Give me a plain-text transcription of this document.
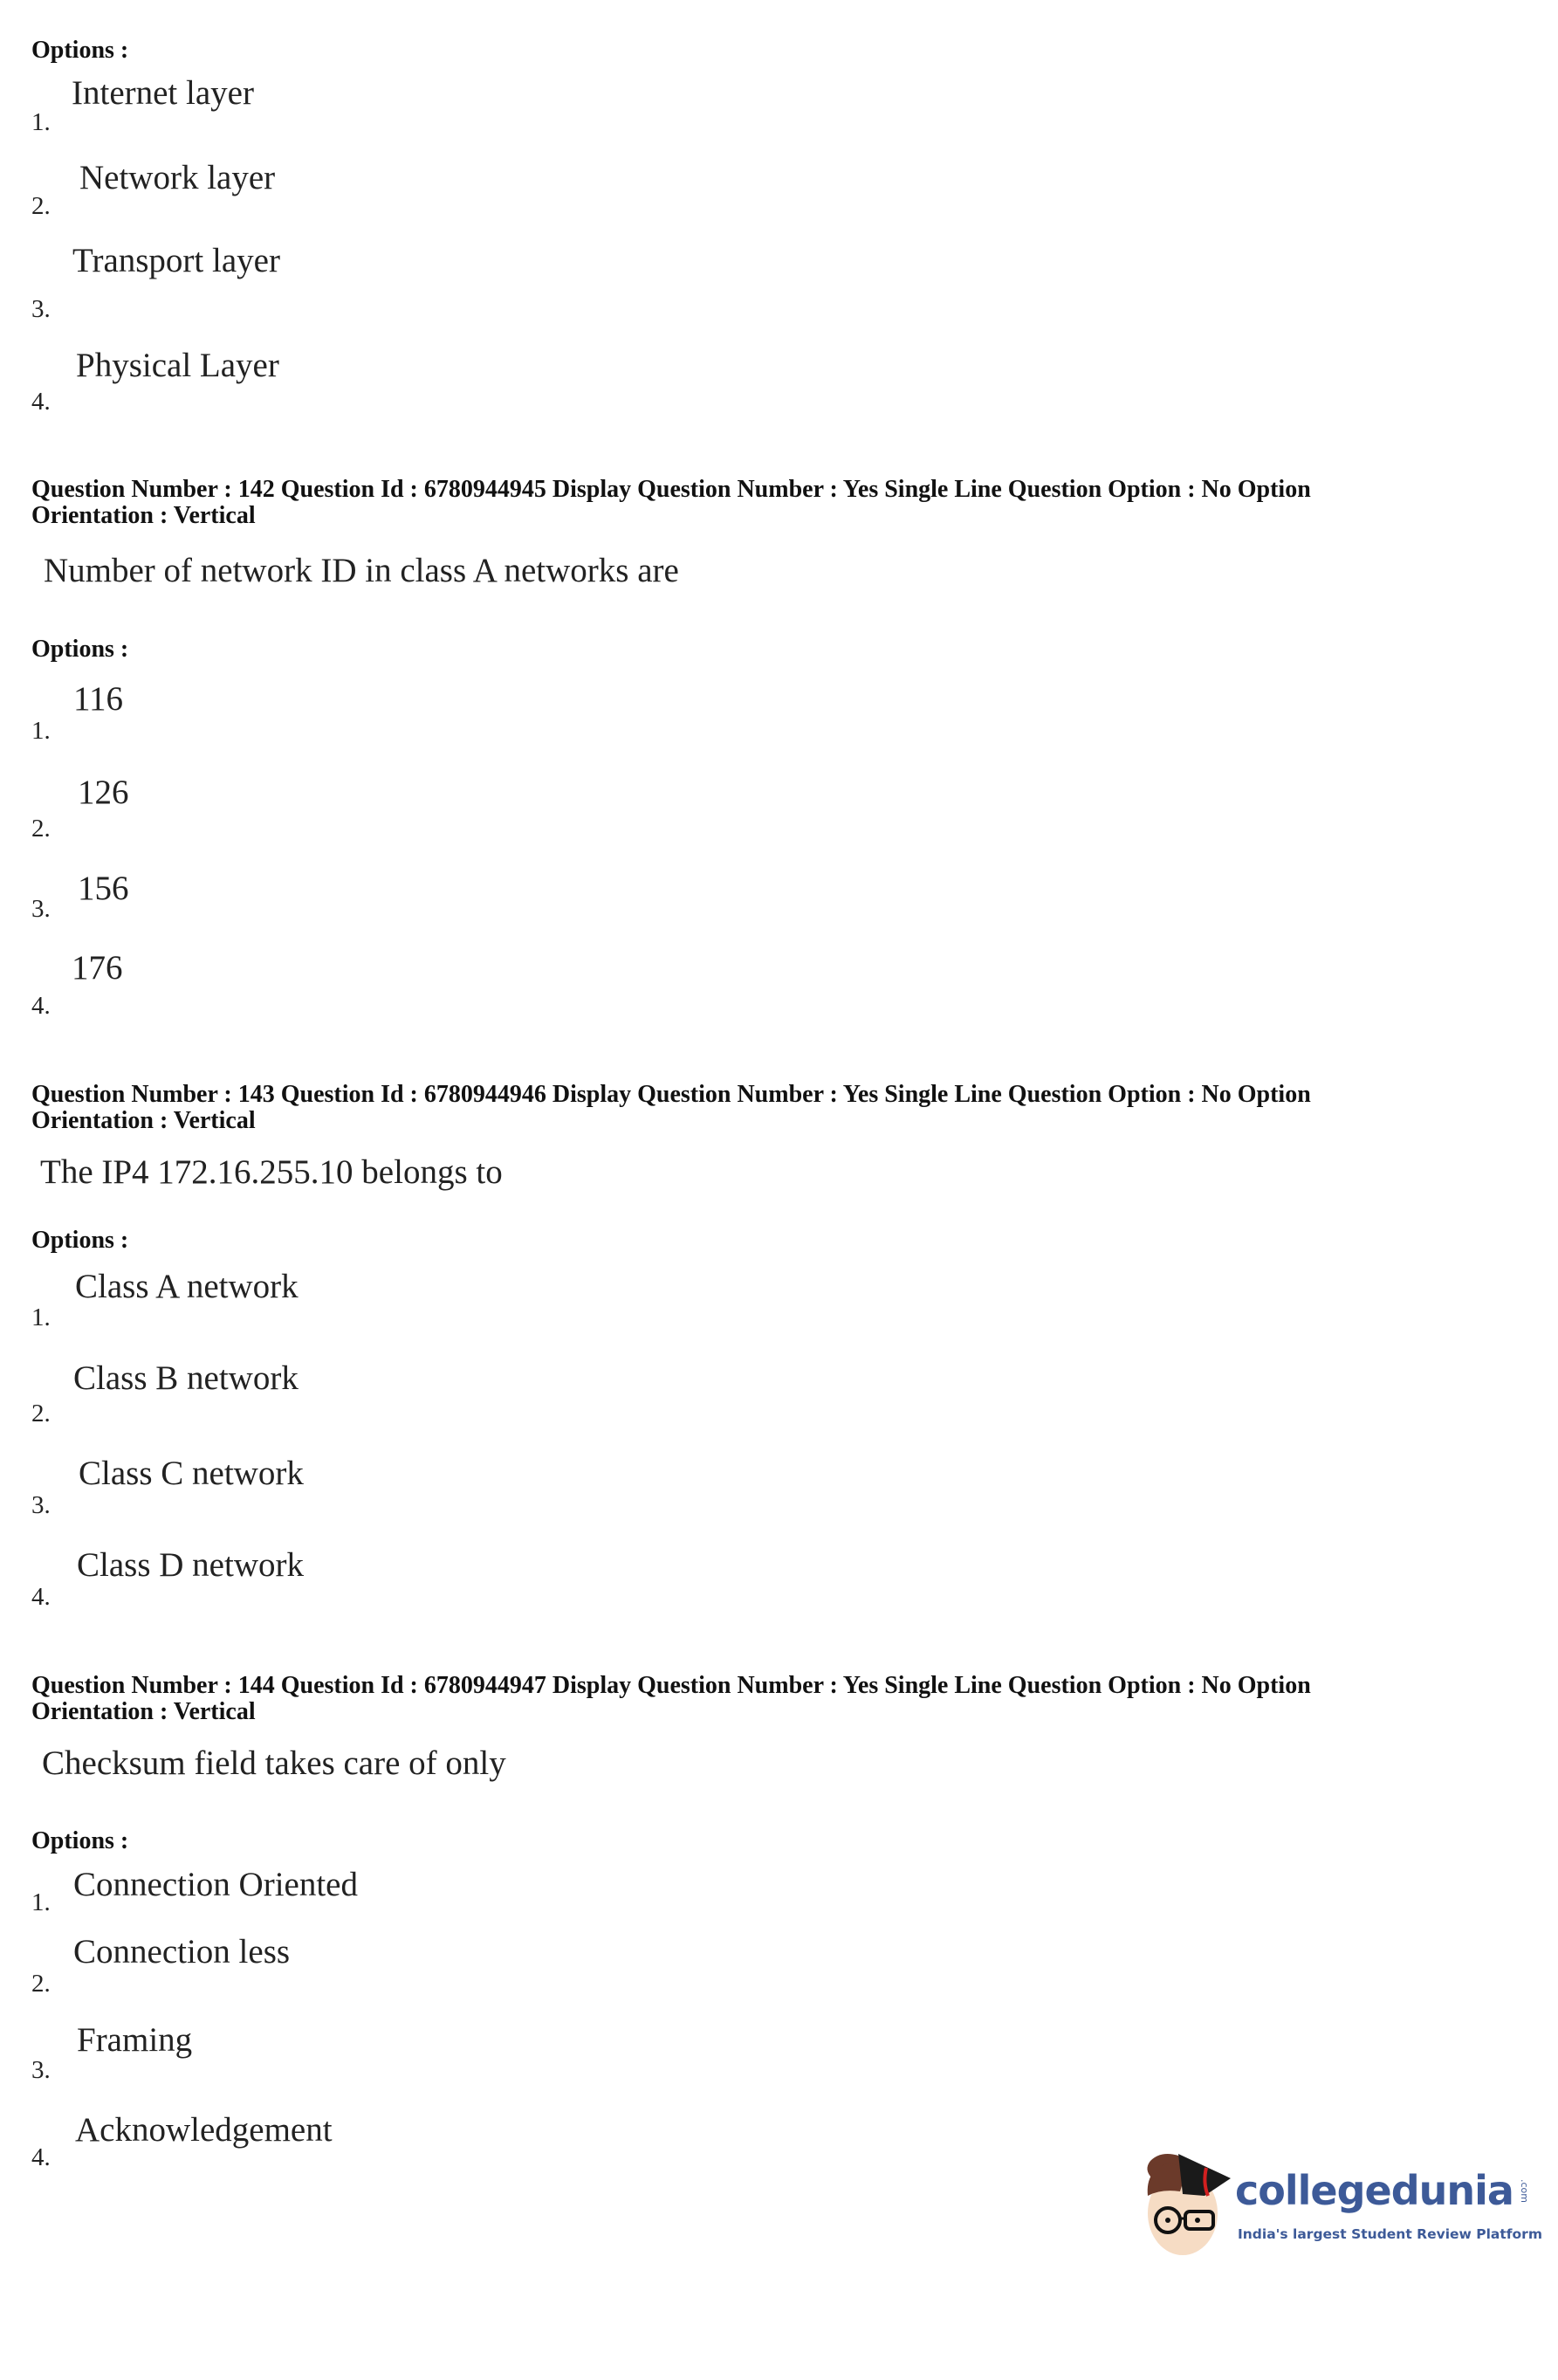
Options :
1.
Internet layer
2.
Network layer
3.
Transport layer
4.
Physical Layer
Question Number : 142 Question Id : 6780944945 Display Question Number : Yes Single Line Question Option : No Option
Orientation : Vertical
Number of network ID in class A networks are
Options :
1.
116
2.
126
3.
156
4.
176
Question Number : 143 Question Id : 6780944946 Display Question Number : Yes Single Line Question Option : No Option
Orientation : Vertical
The IP4 172.16.255.10 belongs to
Options :
1.
Class A network
2.
Class B network
3.
Class C network
4.
Class D network
Question Number : 144 Question Id : 6780944947 Display Question Number : Yes Single Line Question Option : No Option
Orientation : Vertical
Checksum field takes care of only
Options :
1. Connection Oriented
2.
Connection less
3.
Framing
4.
Acknowledgement
collegedunia .com
India's largest Student Review Platform
